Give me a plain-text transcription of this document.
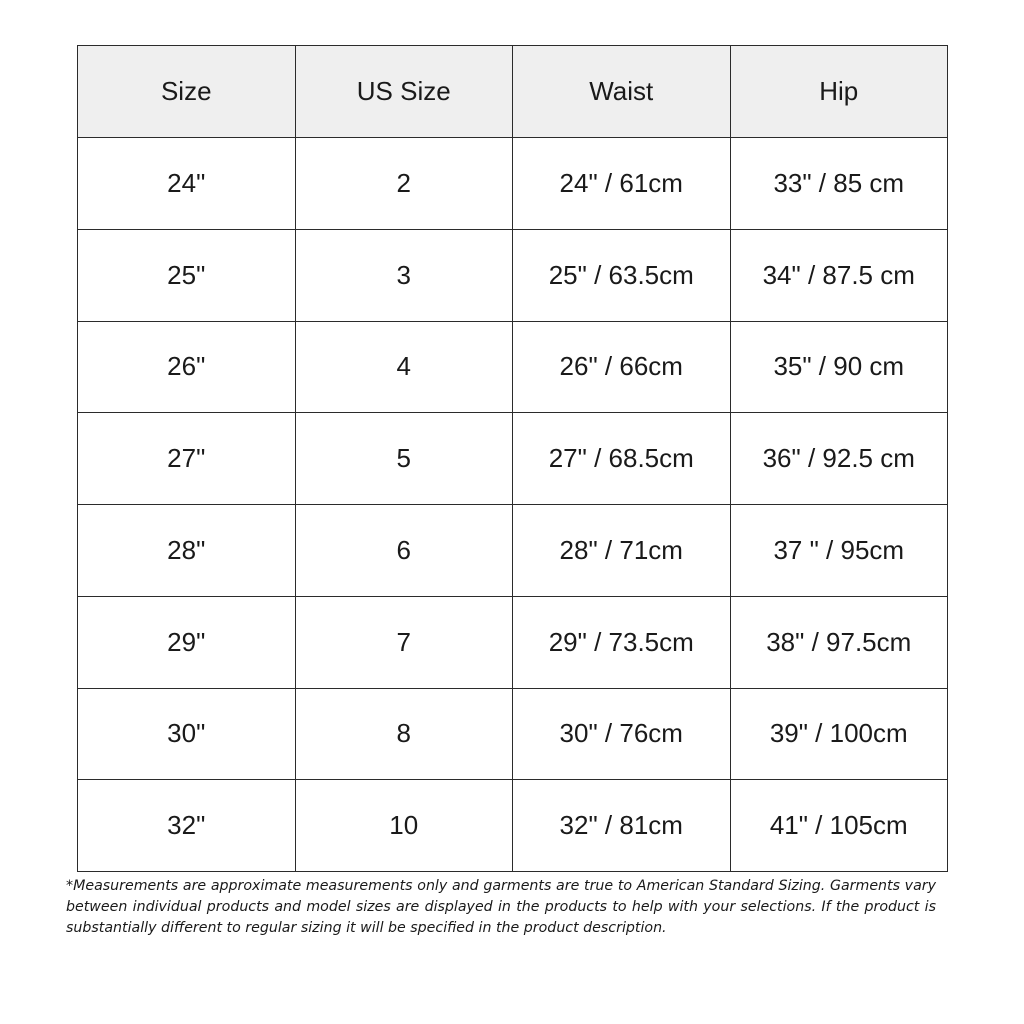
Size	US Size	Waist	Hip
24"	2	24" / 61cm	33" / 85 cm
25"	3	25" / 63.5cm	34" / 87.5 cm
26"	4	26" / 66cm	35" / 90 cm
27"	5	27" / 68.5cm	36" / 92.5 cm
28"	6	28" / 71cm	37 " / 95cm
29"	7	29" / 73.5cm	38" / 97.5cm
30"	8	30" / 76cm	39" / 100cm
32"	10	32" / 81cm	41" / 105cm

*Measurements are approximate measurements only and garments are true to American Standard Sizing. Garments vary between individual products and model sizes are displayed in the products to help with your selections. If the product is substantially different to regular sizing it will be specified in the product description.
